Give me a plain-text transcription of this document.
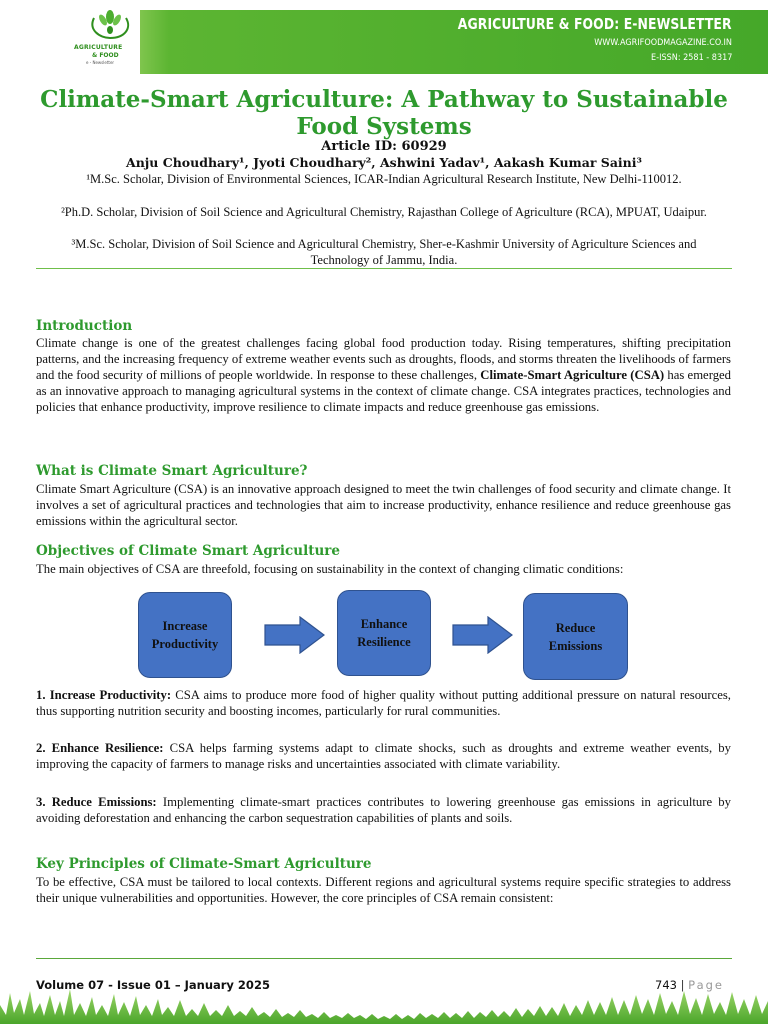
AGRICULTURE
& FOOD
e - Newsletter
AGRICULTURE & FOOD: E-NEWSLETTER
WWW.AGRIFOODMAGAZINE.CO.IN
E-ISSN: 2581 - 8317
Climate-Smart Agriculture: A Pathway to Sustainable Food Systems
Article ID: 60929
Anju Choudhary¹, Jyoti Choudhary², Ashwini Yadav¹, Aakash Kumar Saini³
¹M.Sc. Scholar, Division of Environmental Sciences, ICAR-Indian Agricultural Research Institute, New Delhi-110012.
²Ph.D. Scholar, Division of Soil Science and Agricultural Chemistry, Rajasthan College of Agriculture (RCA), MPUAT, Udaipur.
³M.Sc. Scholar, Division of Soil Science and Agricultural Chemistry, Sher-e-Kashmir University of Agriculture Sciences and Technology of Jammu, India.
Introduction

Climate change is one of the greatest challenges facing global food production today. Rising temperatures, shifting precipitation patterns, and the increasing frequency of extreme weather events such as droughts, floods, and storms threaten the livelihoods of farmers and the food security of millions of people worldwide. In response to these challenges, Climate-Smart Agriculture (CSA) has emerged as an innovative approach to managing agricultural systems in the context of climate change. CSA integrates practices, technologies and policies that enhance productivity, improve resilience to climate impacts and reduce greenhouse gas emissions.

What is Climate Smart Agriculture?

Climate Smart Agriculture (CSA) is an innovative approach designed to meet the twin challenges of food security and climate change. It involves a set of agricultural practices and technologies that aim to increase productivity, enhance resilience and reduce greenhouse gas emissions within the agricultural sector.

Objectives of Climate Smart Agriculture

The main objectives of CSA are threefold, focusing on sustainability in the context of changing climatic conditions:

Increase
Productivity
Enhance
Resilience
Reduce
Emissions

1. Increase Productivity: CSA aims to produce more food of higher quality without putting additional pressure on natural resources, thus supporting nutrition security and boosting incomes, particularly for rural communities.

2. Enhance Resilience: CSA helps farming systems adapt to climate shocks, such as droughts and extreme weather events, by improving the capacity of farmers to manage risks and uncertainties associated with climate variability.

3. Reduce Emissions: Implementing climate-smart practices contributes to lowering greenhouse gas emissions in agriculture by avoiding deforestation and enhancing the carbon sequestration capabilities of plants and soils.

Key Principles of Climate-Smart Agriculture

To be effective, CSA must be tailored to local contexts. Different regions and agricultural systems require specific strategies to address their unique vulnerabilities and opportunities. However, the core principles of CSA remain consistent:

Volume 07 - Issue 01 – January 2025	743 | Page
